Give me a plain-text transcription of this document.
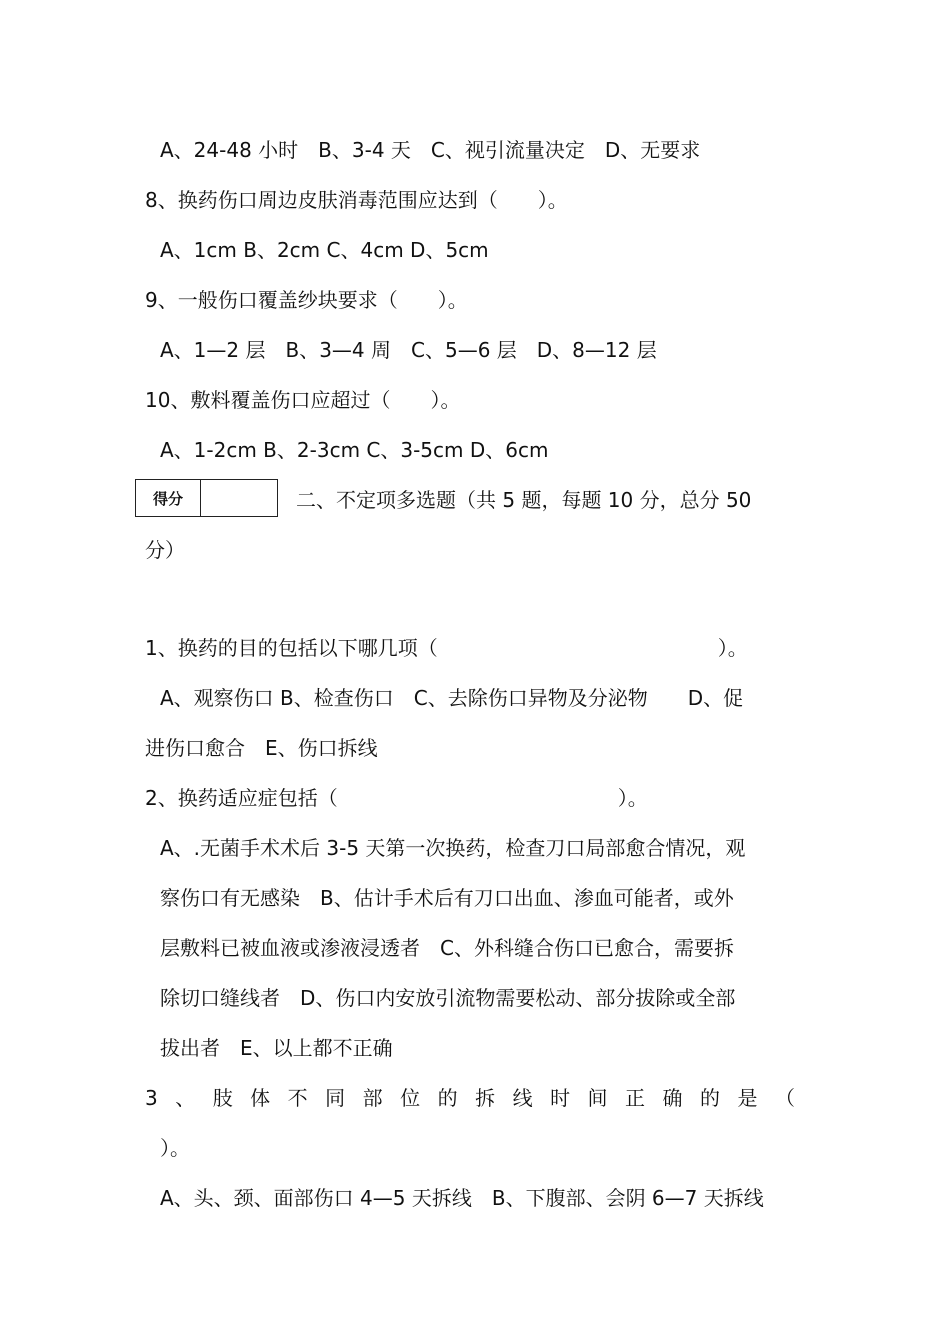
A、24-48 小时　B、3-4 天　C、视引流量决定　D、无要求
8、换药伤口周边皮肤消毒范围应达到（　　）。
A、1cm B、2cm C、4cm D、5cm
9、一般伤口覆盖纱块要求（　　）。
A、1—2 层　B、3—4 周　C、5—6 层　D、8—12 层
10、敷料覆盖伤口应超过（　　）。
A、1-2cm B、2-3cm C、3-5cm D、6cm
得分	二、不定项多选题（共 5 题，每题 10 分，总分 50
分）
1、换药的目的包括以下哪几项（　　　　　　　　　　　　　　）。
A、观察伤口 B、检查伤口　C、去除伤口异物及分泌物　　D、促
进伤口愈合　E、伤口拆线
2、换药适应症包括（　　　　　　　　　　　　　　）。
A、.无菌手术术后 3-5 天第一次换药，检查刀口局部愈合情况，观
察伤口有无感染　B、估计手术后有刀口出血、渗血可能者，或外
层敷料已被血液或渗液浸透者　C、外科缝合伤口已愈合，需要拆
除切口缝线者　D、伤口内安放引流物需要松动、部分拔除或全部
拔出者　E、以上都不正确
3、肢体不同部位的拆线时间正确的是（
）。
A、头、颈、面部伤口 4—5 天拆线　B、下腹部、会阴 6—7 天拆线
